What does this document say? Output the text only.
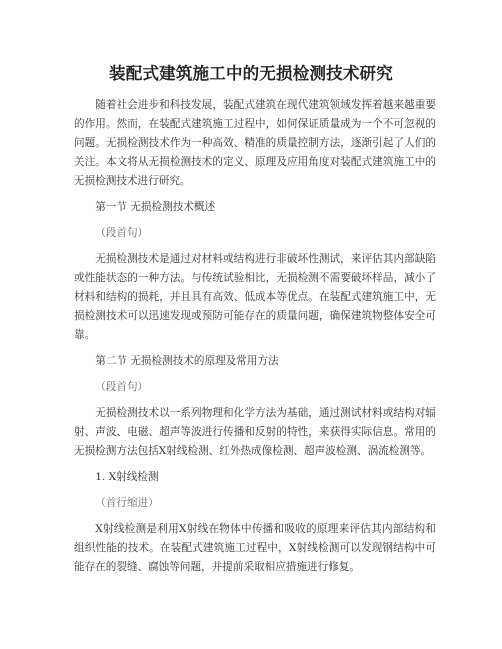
装配式建筑施工中的无损检测技术研究

随着社会进步和科技发展，装配式建筑在现代建筑领域发挥着越来越重要的作用。然而，在装配式建筑施工过程中，如何保证质量成为一个不可忽视的问题。无损检测技术作为一种高效、精准的质量控制方法，逐渐引起了人们的关注。本文将从无损检测技术的定义、原理及应用角度对装配式建筑施工中的无损检测技术进行研究。

第一节 无损检测技术概述

（段首句）

无损检测技术是通过对材料或结构进行非破坏性测试，来评估其内部缺陷或性能状态的一种方法。与传统试验相比，无损检测不需要破坏样品，减小了材料和结构的损耗，并且具有高效、低成本等优点。在装配式建筑施工中，无损检测技术可以迅速发现或预防可能存在的质量问题，确保建筑物整体安全可靠。

第二节 无损检测技术的原理及常用方法

（段首句）

无损检测技术以一系列物理和化学方法为基础，通过测试材料或结构对辐射、声波、电磁、超声等波进行传播和反射的特性，来获得实际信息。常用的无损检测方法包括X射线检测、红外热成像检测、超声波检测、涡流检测等。

1. X射线检测

（首行缩进）

X射线检测是利用X射线在物体中传播和吸收的原理来评估其内部结构和组织性能的技术。在装配式建筑施工过程中，X射线检测可以发现钢结构中可能存在的裂缝、腐蚀等问题，并提前采取相应措施进行修复。
